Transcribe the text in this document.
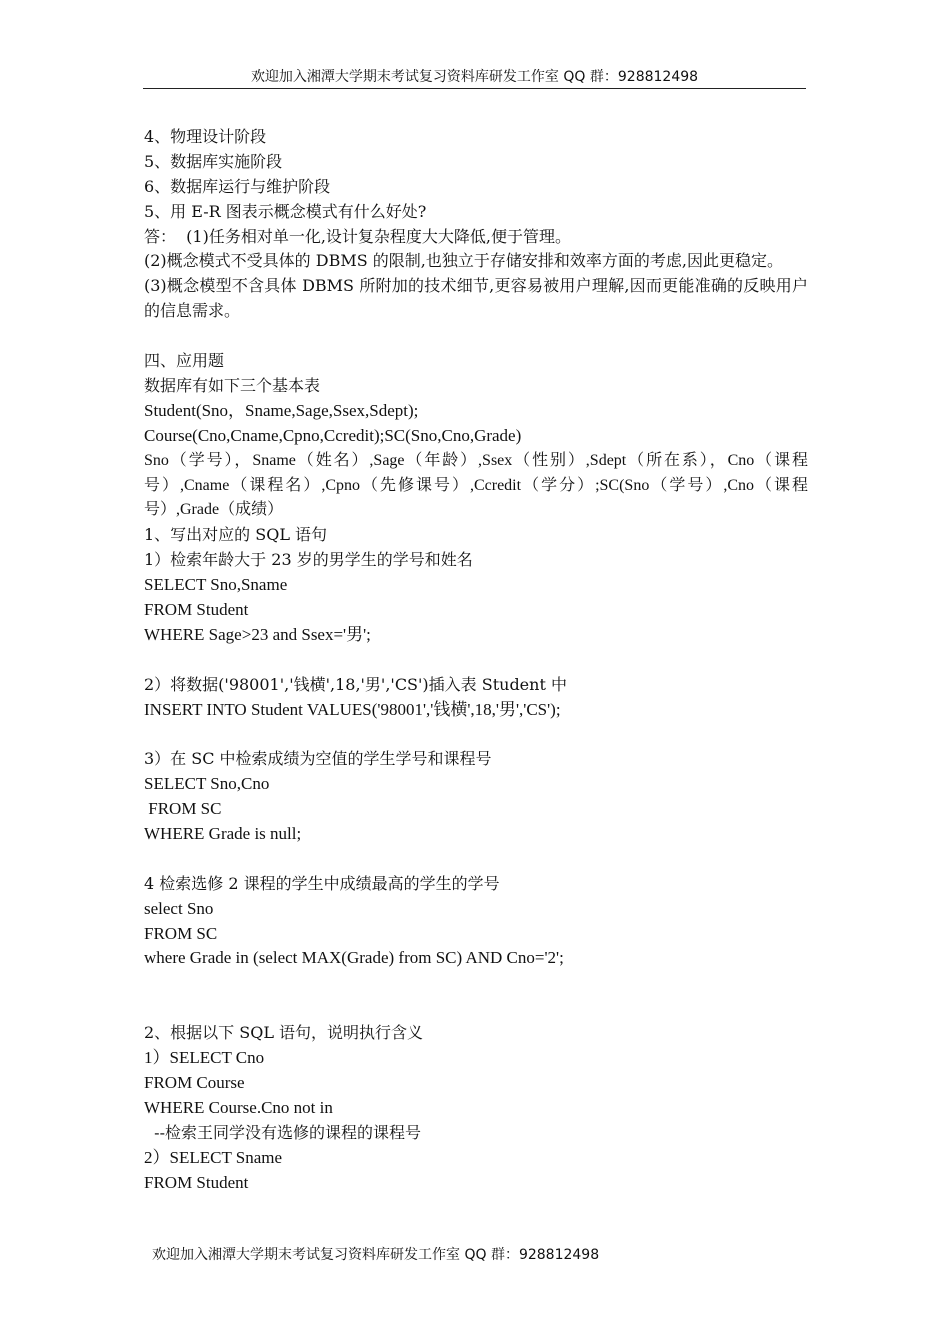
欢迎加入湘潭大学期末考试复习资料库研发工作室 QQ 群：928812498
4、物理设计阶段
5、数据库实施阶段
6、数据库运行与维护阶段
5、用 E-R 图表示概念模式有什么好处?
答：  (1)任务相对单一化,设计复杂程度大大降低,便于管理。
(2)概念模式不受具体的 DBMS 的限制,也独立于存储安排和效率方面的考虑,因此更稳定。
(3)概念模型不含具体 DBMS 所附加的技术细节,更容易被用户理解,因而更能准确的反映用户的信息需求。
四、应用题
数据库有如下三个基本表
Student(Sno，Sname,Sage,Ssex,Sdept);
Course(Cno,Cname,Cpno,Ccredit);SC(Sno,Cno,Grade)
Sno（学号），Sname（姓名）,Sage（年龄）,Ssex（性别）,Sdept（所在系），Cno（课程号）,Cname（课程名）,Cpno（先修课号）,Ccredit（学分）;SC(Sno（学号）,Cno（课程号）,Grade（成绩）
1、写出对应的 SQL 语句
1）检索年龄大于 23 岁的男学生的学号和姓名
SELECT Sno,Sname
FROM Student
WHERE Sage>23 and Ssex='男';
2）将数据('98001','钱横',18,'男','CS')插入表 Student 中
INSERT INTO Student VALUES('98001','钱横',18,'男','CS');
3）在 SC 中检索成绩为空值的学生学号和课程号
SELECT Sno,Cno
FROM SC
WHERE Grade is null;
4 检索选修 2 课程的学生中成绩最高的学生的学号
select Sno
FROM SC
where Grade in (select MAX(Grade) from SC) AND Cno='2';
2、根据以下 SQL 语句，说明执行含义
1）SELECT Cno
FROM Course
WHERE Course.Cno not in
--检索王同学没有选修的课程的课程号
2）SELECT Sname
FROM Student
欢迎加入湘潭大学期末考试复习资料库研发工作室 QQ 群：928812498
